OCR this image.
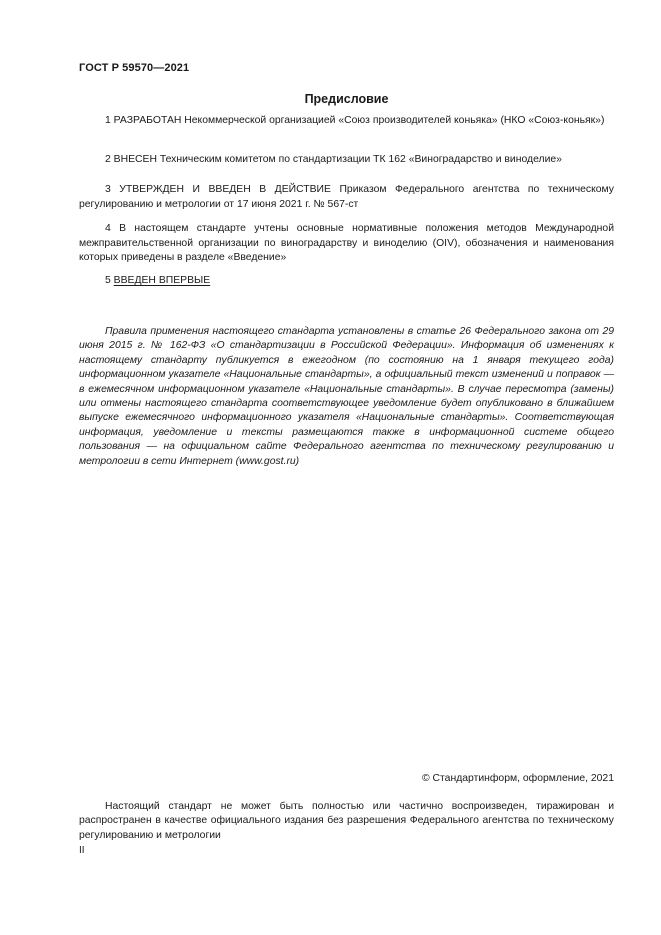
ГОСТ Р 59570—2021
Предисловие

1 РАЗРАБОТАН Некоммерческой организацией «Союз производителей коньяка» (НКО «Союз-коньяк»)

2 ВНЕСЕН Техническим комитетом по стандартизации ТК 162 «Виноградарство и виноделие»

3 УТВЕРЖДЕН И ВВЕДЕН В ДЕЙСТВИЕ Приказом Федерального агентства по техническому регулированию и метрологии от 17 июня 2021 г. № 567-ст

4 В настоящем стандарте учтены основные нормативные положения методов Международной межправительственной организации по виноградарству и виноделию (OIV), обозначения и наименования которых приведены в разделе «Введение»

5 ВВЕДЕН ВПЕРВЫЕ

Правила применения настоящего стандарта установлены в статье 26 Федерального закона от 29 июня 2015 г. № 162-ФЗ «О стандартизации в Российской Федерации». Информация об изменениях к настоящему стандарту публикуется в ежегодном (по состоянию на 1 января текущего года) информационном указателе «Национальные стандарты», а официальный текст изменений и поправок — в ежемесячном информационном указателе «Национальные стандарты». В случае пересмотра (замены) или отмены настоящего стандарта соответствующее уведомление будет опубликовано в ближайшем выпуске ежемесячного информационного указателя «Национальные стандарты». Соответствующая информация, уведомление и тексты размещаются также в информационной системе общего пользования — на официальном сайте Федерального агентства по техническому регулированию и метрологии в сети Интернет (www.gost.ru)

© Стандартинформ, оформление, 2021

Настоящий стандарт не может быть полностью или частично воспроизведен, тиражирован и распространен в качестве официального издания без разрешения Федерального агентства по техническому регулированию и метрологии

II
